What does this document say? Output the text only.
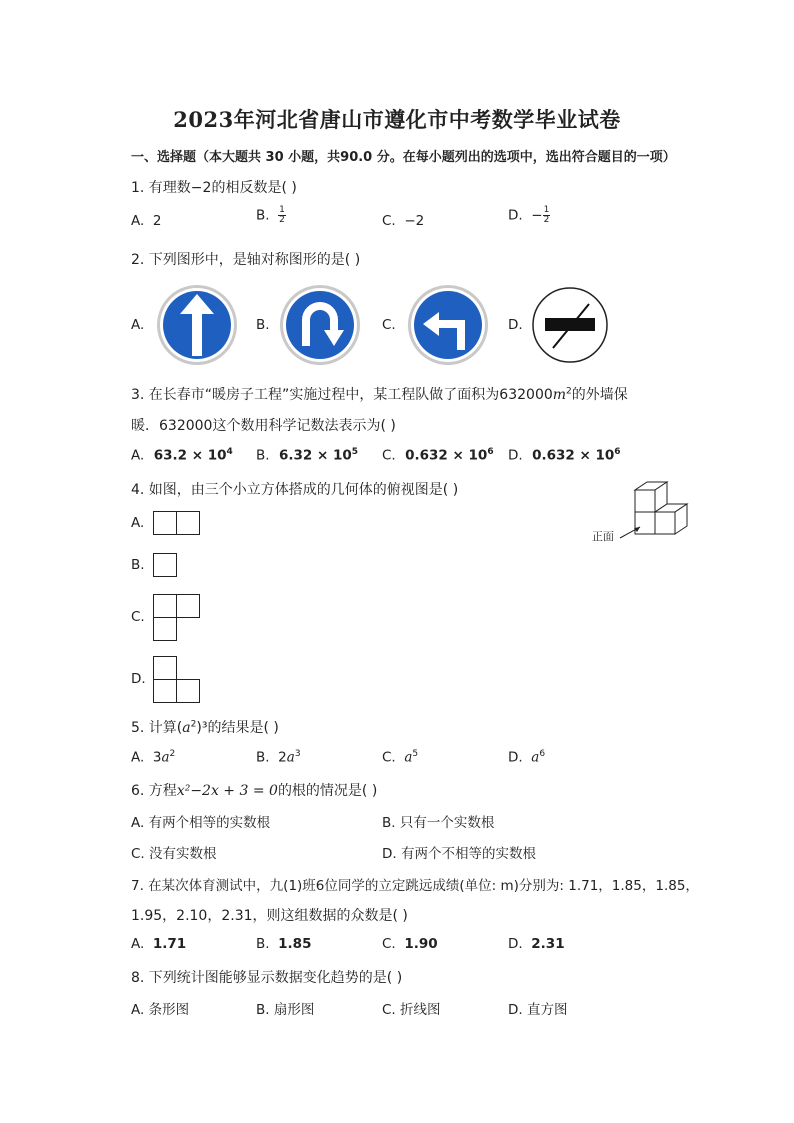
2023年河北省唐山市遵化市中考数学毕业试卷
一、选择题（本大题共 30 小题，共90.0 分。在每小题列出的选项中，选出符合题目的一项）
1. 有理数−2的相反数是( )
A. 2	B. $\frac{1}{2}$	C. −2	D. − $\frac{1}{2}$
2. 下列图形中，是轴对称图形的是( )
A.	B.	C.	D.
3. 在长春市“暖房子工程”实施过程中，某工程队做了面积为$632000m^2$的外墙保
暖．632000这个数用科学记数法表示为( )
A. $63.2 \times 10^4$ B. $6.32 \times 10^5$ C. $0.632 \times 10^6$ D. $0.632 \times 10^6$
4. 如图，由三个小立方体搭成的几何体的俯视图是( )
正面
A.
B.
C.
D.
5. 计算$(a^2)^3$的结果是( )
A. $3a^2$	B. $2a^3$	C. $a^5$	D. $a^6$
6. 方程x²−2x + 3 = 0的根的情况是( )
A. 有两个相等的实数根	B. 只有一个实数根
C. 没有实数根	D. 有两个不相等的实数根
7. 在某次体育测试中，九(1)班6位同学的立定跳远成绩(单位: m)分别为: 1.71，1.85，1.85，
1.95，2.10，2.31，则这组数据的众数是( )
A. 1.71	B. 1.85	C. 1.90	D. 2.31
8. 下列统计图能够显示数据变化趋势的是( )
A. 条形图	B. 扇形图	C. 折线图	D. 直方图
